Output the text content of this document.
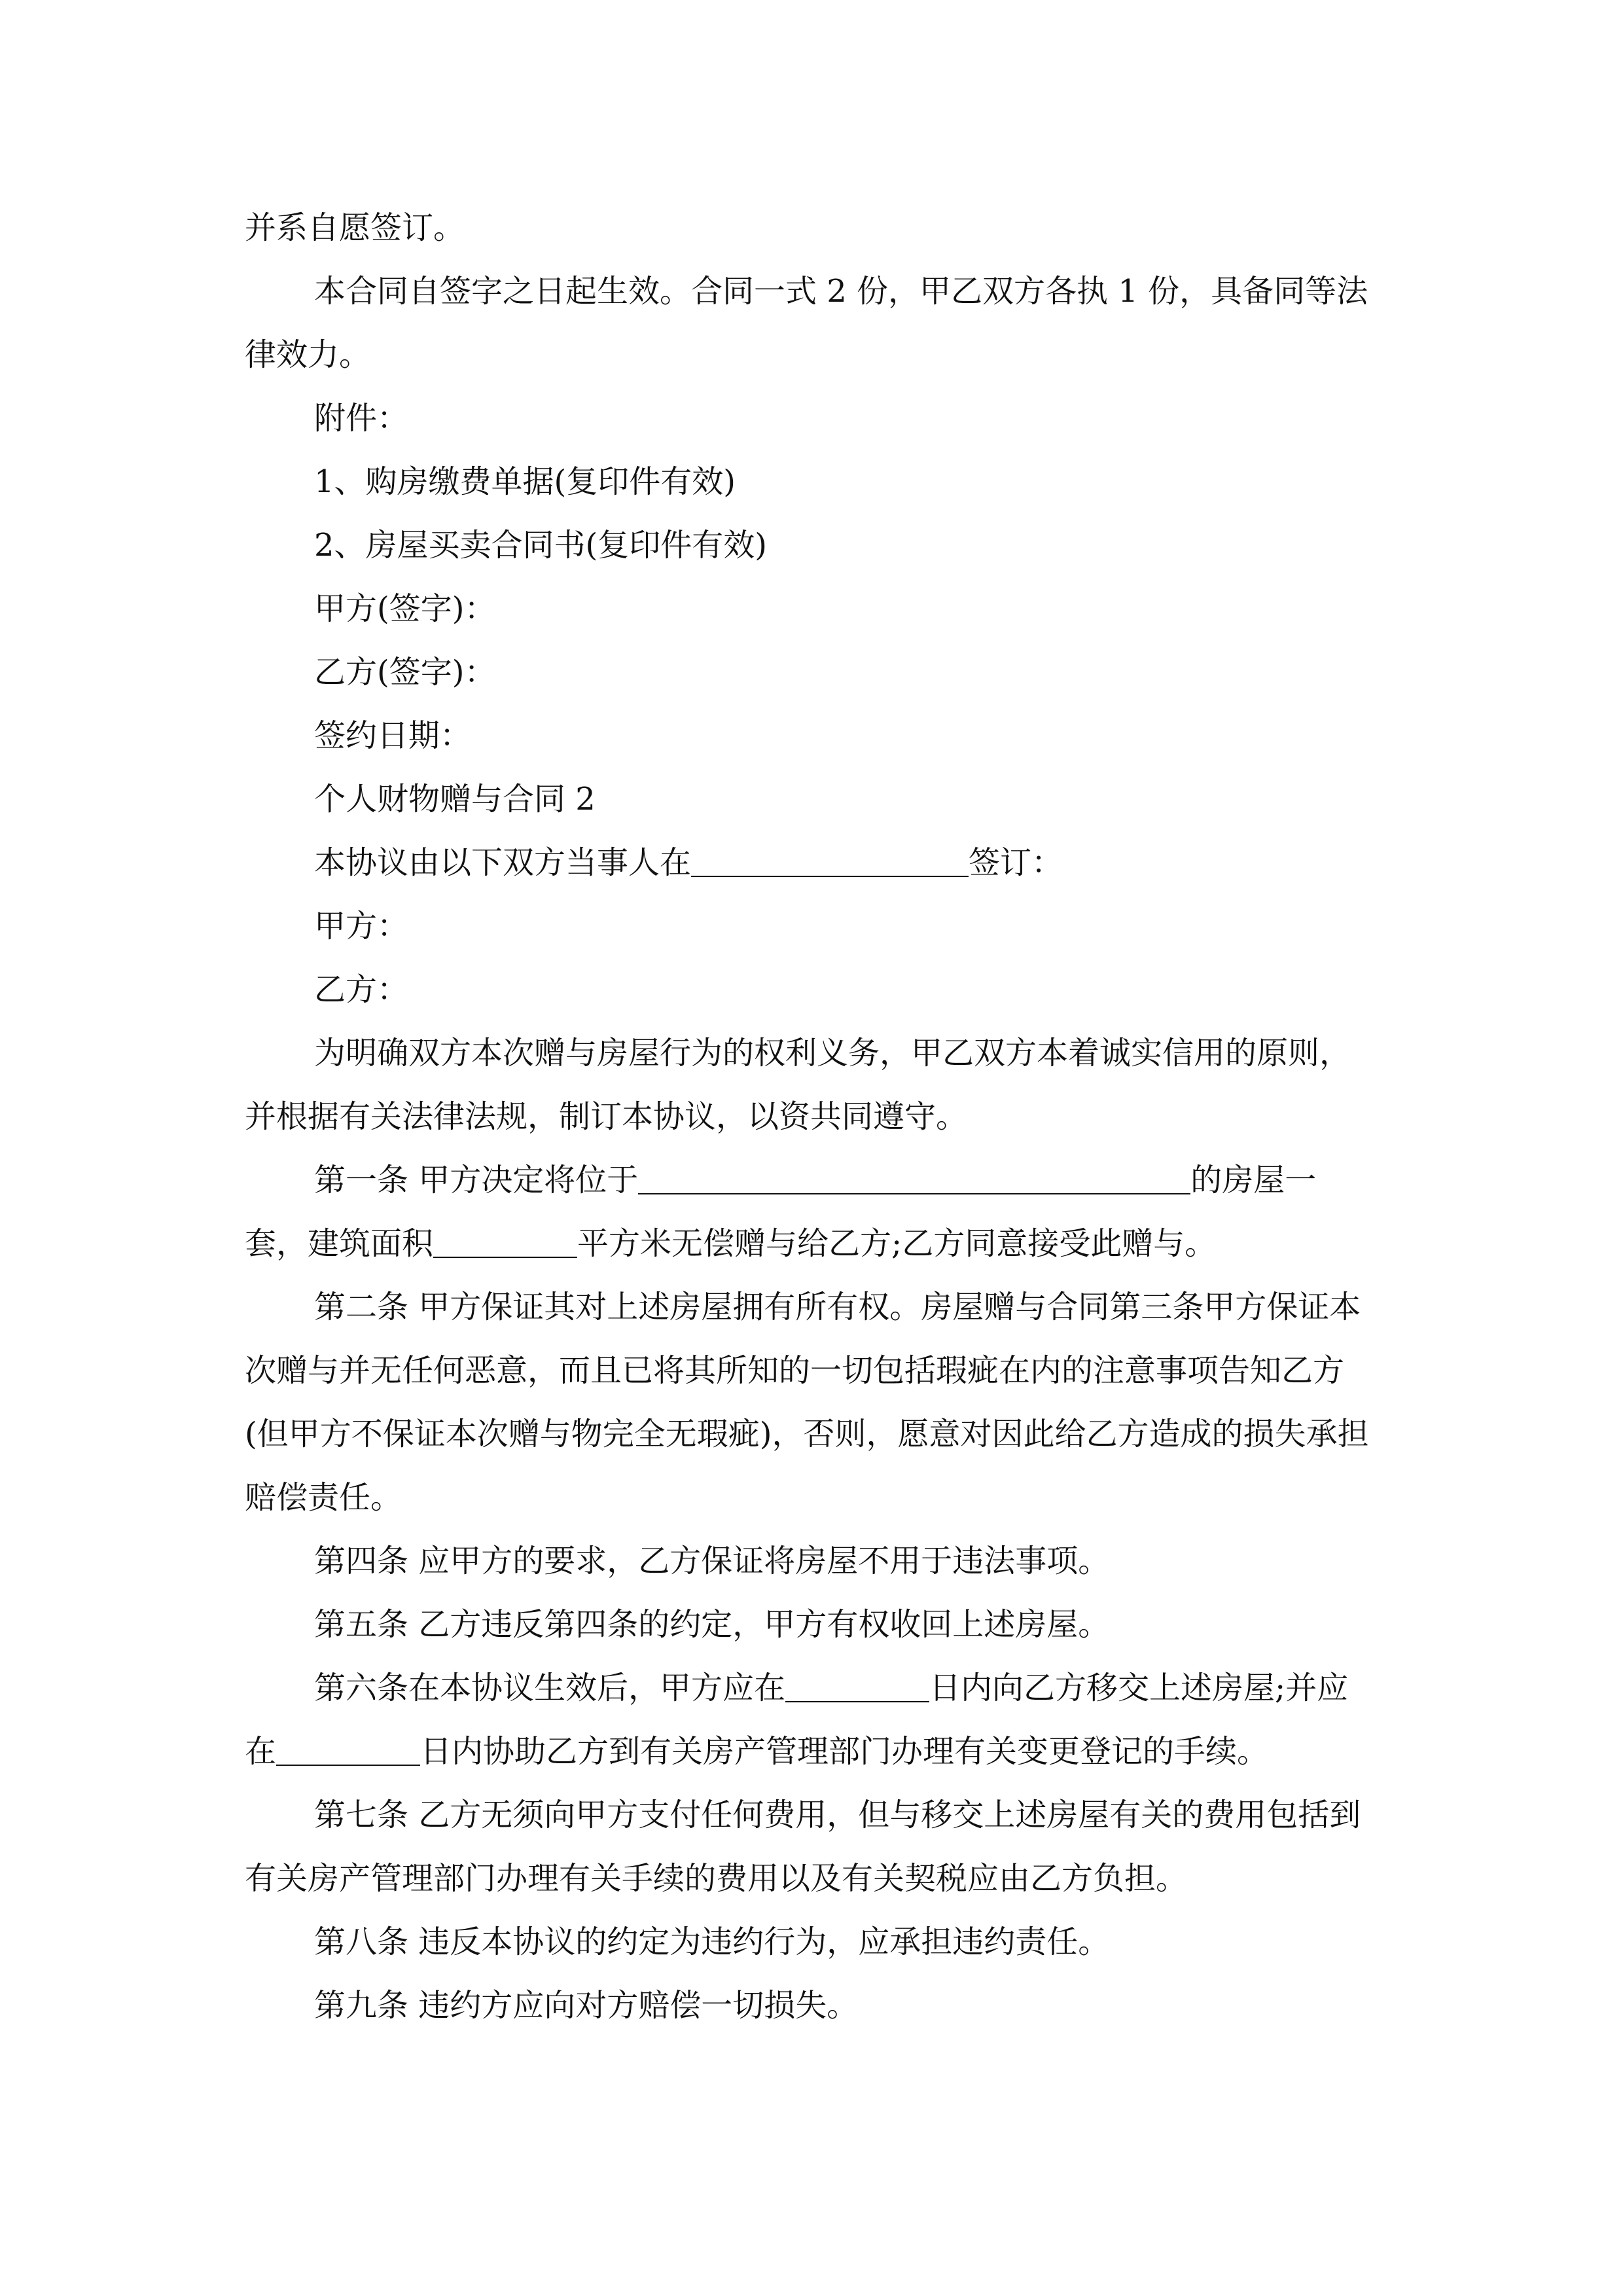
并系自愿签订。

本合同自签字之日起生效。合同一式 2 份，甲乙双方各执 1 份，具备同等法律效力。

附件：

1、购房缴费单据(复印件有效)

2、房屋买卖合同书(复印件有效)

甲方(签字)：

乙方(签字)：

签约日期：

个人财物赠与合同 2

本协议由以下双方当事人在	签订：

甲方：

乙方：

为明确双方本次赠与房屋行为的权利义务，甲乙双方本着诚实信用的原则，并根据有关法律法规，制订本协议，以资共同遵守。

第一条 甲方决定将位于	的房屋一套，建筑面积	平方米无偿赠与给乙方;乙方同意接受此赠与。

第二条 甲方保证其对上述房屋拥有所有权。房屋赠与合同第三条甲方保证本次赠与并无任何恶意，而且已将其所知的一切包括瑕疵在内的注意事项告知乙方(但甲方不保证本次赠与物完全无瑕疵)，否则，愿意对因此给乙方造成的损失承担赔偿责任。

第四条 应甲方的要求，乙方保证将房屋不用于违法事项。

第五条 乙方违反第四条的约定，甲方有权收回上述房屋。

第六条在本协议生效后，甲方应在	日内向乙方移交上述房屋;并应在	日内协助乙方到有关房产管理部门办理有关变更登记的手续。

第七条 乙方无须向甲方支付任何费用，但与移交上述房屋有关的费用包括到有关房产管理部门办理有关手续的费用以及有关契税应由乙方负担。

第八条 违反本协议的约定为违约行为，应承担违约责任。

第九条 违约方应向对方赔偿一切损失。
